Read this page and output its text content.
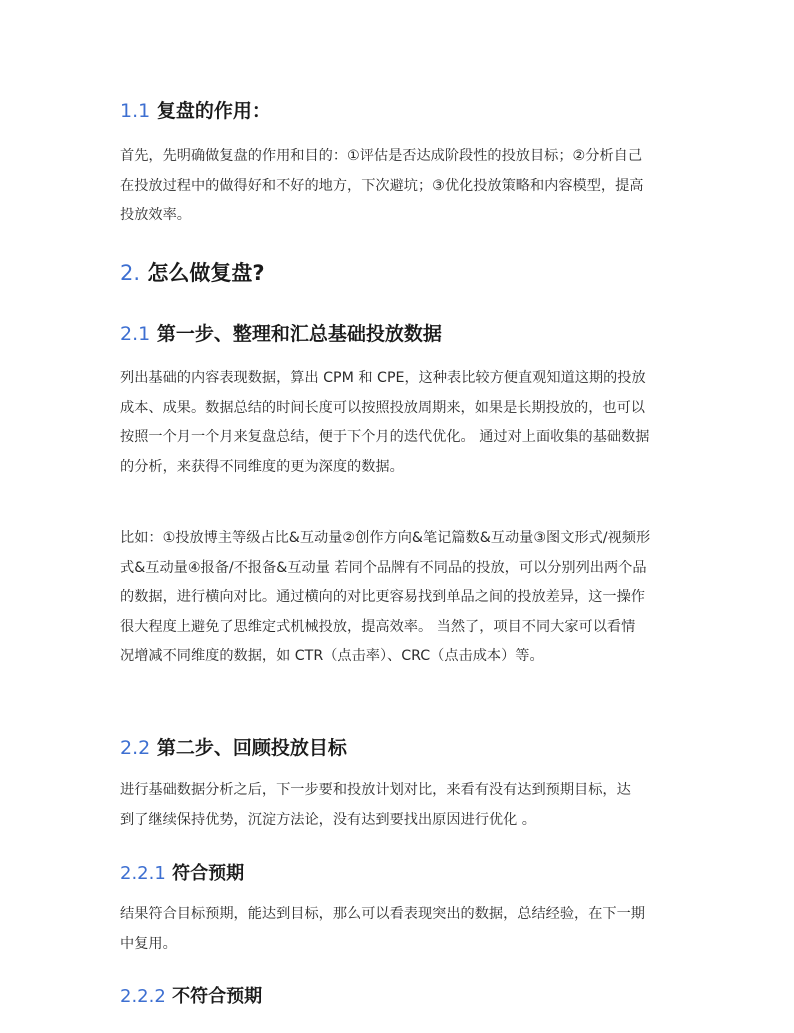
1.1 复盘的作用：

首先，先明确做复盘的作用和目的：①评估是否达成阶段性的投放目标；②分析自己
在投放过程中的做得好和不好的地方，下次避坑；③优化投放策略和内容模型，提高
投放效率。

2. 怎么做复盘?
2.1 第一步、整理和汇总基础投放数据

列出基础的内容表现数据，算出 CPM 和 CPE，这种表比较方便直观知道这期的投放
成本、成果。数据总结的时间长度可以按照投放周期来，如果是长期投放的，也可以
按照一个月一个月来复盘总结，便于下个月的迭代优化。 通过对上面收集的基础数据
的分析，来获得不同维度的更为深度的数据。

比如：①投放博主等级占比&互动量②创作方向&笔记篇数&互动量③图文形式/视频形
式&互动量④报备/不报备&互动量 若同个品牌有不同品的投放，可以分别列出两个品
的数据，进行横向对比。通过横向的对比更容易找到单品之间的投放差异，这一操作
很大程度上避免了思维定式机械投放，提高效率。 当然了，项目不同大家可以看情
况增减不同维度的数据，如 CTR（点击率）、CRC（点击成本）等。

2.2 第二步、回顾投放目标

进行基础数据分析之后，下一步要和投放计划对比，来看有没有达到预期目标，达
到了继续保持优势，沉淀方法论，没有达到要找出原因进行优化 。

2.2.1 符合预期

结果符合目标预期，能达到目标，那么可以看表现突出的数据，总结经验，在下一期
中复用。

2.2.2 不符合预期
